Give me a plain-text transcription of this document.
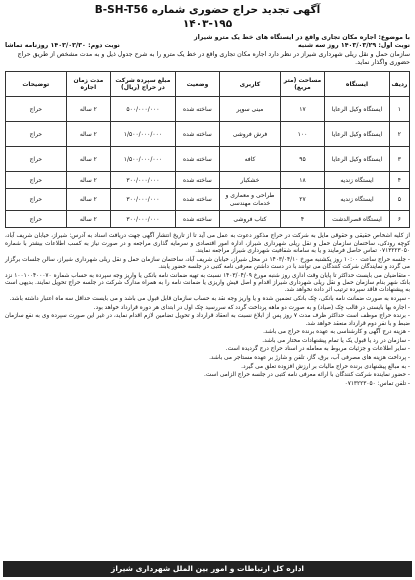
آگهی تجدید حراج حضوری شماره B-SH-T56
۱۴۰۳-۱۹۵
با موضوع: اجاره مکان تجاری واقع در ایستگاه های خط یک مترو شیراز
نوبت اول: ۱۴۰۳/۰۳/۲۹ روز سه شنبه
نوبت دوم: ۱۴۰۳/۰۳/۳۰ روزنامه تماشا
سازمان حمل و نقل ریلی شهرداری شیراز در نظر دارد اجاره مکان تجاری واقع در خط یک مترو را به شرح جدول ذیل و به مدت مشخص از طریق حراج حضوری واگذار نماید.
ردیف	ایستگاه	مساحت (متر مربع)	کاربری	وضعیت	مبلغ سپرده شرکت در حراج (ریال)	مدت زمان اجاره	توضیحات
۱	ایستگاه وکیل الرعایا	۱۷	مینی سوپر	ساخته شده	۵۰۰/۰۰۰/۰۰۰	۲ ساله	حراج
۲	ایستگاه وکیل الرعایا	۱۰۰	فرش فروشی	ساخته شده	۱/۵۰۰/۰۰۰/۰۰۰	۲ ساله	حراج
۳	ایستگاه وکیل الرعایا	۹۵	کافه	ساخته شده	۱/۵۰۰/۰۰۰/۰۰۰	۲ ساله	حراج
۴	ایستگاه زندیه	۱۸	خشکبار	ساخته شده	۳۰۰/۰۰۰/۰۰۰	۲ ساله	حراج
۵	ایستگاه زندیه	۲۷	طراحی و معماری و خدمات مهندسی	ساخته شده	۳۰۰/۰۰۰/۰۰۰	۲ ساله	حراج
۶	ایستگاه قصرالدشت	۴	کتاب فروشی	ساخته شده	۳۰۰/۰۰۰/۰۰۰	۲ ساله	حراج

از کلیه اشخاص حقیقی و حقوقی مایل به شرکت در حراج مذکور دعوت به عمل می آید تا از تاریخ انتشار آگهی جهت دریافت اسناد به آدرس: شیراز، خیابان شریف آباد، کوچه رودکی، ساختمان سازمان حمل و نقل ریلی شهرداری شیراز، اداره امور اقتصادی و سرمایه گذاری مراجعه و در صورت نیاز به کسب اطلاعات بیشتر با شماره ۰۷۱۳۲۲۳۰۵۰ تماس حاصل فرمایند و یا به سامانه شفافیت شهرداری شیراز مراجعه نمایند.

- جلسه حراج ساعت ۱۰:۰۰ روز یکشنبه مورخ ۱۴۰۳/۰۴/۱۰ در محل شیراز، خیابان شریف آباد، ساختمان سازمان حمل و نقل ریلی شهرداری شیراز، سالن جلسات برگزار می گردد و نمایندگان شرکت کنندگان می توانند با در دست داشتن معرفی نامه کتبی در جلسه حضور یابند.

- متقاضیان می بایست حداکثر تا پایان وقت اداری روز شنبه مورخ ۱۴۰۳/۰۴/۰۹ نسبت به تهیه ضمانت نامه بانکی یا واریز وجه سپرده به حساب شماره ۱۰۰۱۰۰۴۰۰۰۷۰ نزد بانک شهر بنام سازمان حمل و نقل ریلی شهرداری شیراز اقدام و اصل فیش واریزی یا ضمانت نامه را به همراه مدارک شرکت در جلسه حراج تحویل نمایند. بدیهی است به پیشنهادات فاقد سپرده ترتیب اثر داده نخواهد شد.

- سپرده به صورت ضمانت نامه بانکی، چک بانکی تضمین شده و یا واریز وجه نقد به حساب سازمان قابل قبول می باشد و می بایست حداقل سه ماه اعتبار داشته باشد.

- اجاره بها بایستی در قالب چک (صیاد) و به صورت دو ماهه پرداخت گردد که سررسید چک اول در ابتدای هر دوره قرارداد خواهد بود.

- برنده حراج موظف است حداکثر ظرف مدت ۷ روز پس از ابلاغ نسبت به انعقاد قرارداد و تحویل تضامین لازم اقدام نماید، در غیر این صورت سپرده وی به نفع سازمان ضبط و با نفر دوم قرارداد منعقد خواهد شد.

- هزینه درج آگهی و کارشناسی به عهده برنده حراج می باشد.

- سازمان در رد یا قبول یک یا تمام پیشنهادات مختار می باشد.

- سایر اطلاعات و جزئیات مربوط به معامله در اسناد حراج درج گردیده است.

- پرداخت هزینه های مصرفی آب، برق، گاز، تلفن و شارژ بر عهده مستاجر می باشد.

- به مبالغ پیشنهادی برنده حراج مالیات بر ارزش افزوده تعلق می گیرد.

- حضور نماینده شرکت کنندگان با ارائه معرفی نامه کتبی در جلسه حراج الزامی است.

- تلفن تماس: ۰۷۱۳۲۲۳۰۵۰

اداره کل ارتباطات و امور بین الملل شهرداری شیراز
